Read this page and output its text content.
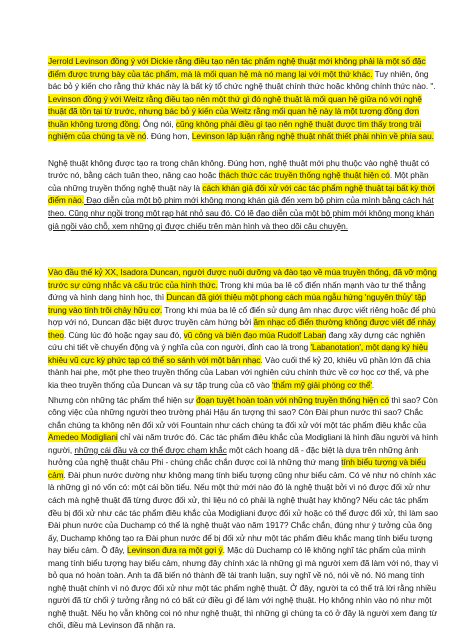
Jerrold Levinson đồng ý với Dickie rằng điều tạo nên tác phẩm nghệ thuật mới không phải là một số đặc điểm được trưng bày của tác phẩm, mà là mối quan hệ mà nó mang lại với một thứ khác. Tuy nhiên, ông bác bỏ ý kiến cho rằng thứ khác này là bất kỳ tổ chức nghệ thuật chính thức hoặc không chính thức nào. ". Levinson đồng ý với Weitz rằng điều tạo nên một thứ gì đó nghệ thuật là mối quan hệ giữa nó với nghệ thuật đã tồn tại từ trước, nhưng bác bỏ ý kiến của Weitz rằng mối quan hệ này là một tương đồng đơn thuần không tương đồng. Ông nói, cũng không phải điều gì tạo nên nghệ thuật được tìm thấy trong trải nghiệm của chúng ta về nó. Đúng hơn, Levinson lập luận rằng nghệ thuật nhất thiết phải nhìn về phía sau.

Nghệ thuật không được tạo ra trong chân không. Đúng hơn, nghệ thuật mới phụ thuộc vào nghệ thuật có trước nó, bằng cách tuân theo, nâng cao hoặc thách thức các truyền thống nghệ thuật hiện có. Một phần của những truyền thống nghệ thuật này là cách khán giả đối xử với các tác phẩm nghệ thuật tại bất kỳ thời điểm nào. Đạo diễn của một bộ phim mới không mong khán giả đến xem bộ phim của mình bằng cách hát theo. Cũng như ngồi trong một rạp hát nhỏ sau đó. Có lẽ đạo diễn của một bộ phim mới không mong khán giả ngồi vào chỗ, xem những gì được chiếu trên màn hình và theo dõi câu chuyện.

Vào đầu thế kỷ XX, Isadora Duncan, người được nuôi dưỡng và đào tạo về múa truyền thống, đã vỡ mộng trước sự cứng nhắc và cấu trúc của hình thức. Trong khi múa ba lê cổ điển nhấn mạnh vào tư thế thẳng đứng và hình dạng hình học, thì Duncan đã giới thiệu một phong cách múa ngẫu hứng 'nguyên thủy' tập trung vào tính trôi chảy hữu cơ. Trong khi múa ba lê cổ điển sử dụng âm nhạc được viết riêng hoặc để phù hợp với nó, Duncan đặc biệt được truyền cảm hứng bởi âm nhạc cổ điển thường không được viết để nhảy theo. Cùng lúc đó hoặc ngay sau đó, vũ công và biên đạo múa Rudolf Laban đang xây dựng các nghiên cứu chi tiết về chuyển động và ý nghĩa của con người, đỉnh cao là trong 'Labanotation', một dạng ký hiệu khiêu vũ cực kỳ phức tạp có thể so sánh với một bản nhạc. Vào cuối thế kỷ 20, khiêu vũ phần lớn đã chia thành hai phe, một phe theo truyền thống của Laban với nghiên cứu chính thức về cơ học cơ thể, và phe kia theo truyền thống của Duncan và sự tập trung của cô vào 'thẩm mỹ giải phóng cơ thể'.

Nhưng còn những tác phẩm thể hiện sự đoạn tuyệt hoàn toàn với những truyền thống hiện có thì sao? Còn công việc của những người theo trường phái Hậu ấn tượng thì sao? Còn Đài phun nước thì sao? Chắc chắn chúng ta không nên đối xử với Fountain như cách chúng ta đối xử với một tác phẩm điêu khắc của Amedeo Modigliani chỉ vài năm trước đó. Các tác phẩm điêu khắc của Modigliani là hình đầu người và hình người, những cái đầu và cơ thể được chạm khắc một cách hoang dã - đặc biệt là dựa trên những ảnh hưởng của nghệ thuật châu Phi - chúng chắc chắn được coi là những thứ mang tính biểu tượng và biểu cảm. Đài phun nước dường như không mang tính biểu tượng cũng như biểu cảm. Có vẻ như nó chính xác là những gì nó vốn có: một cái bồn tiểu. Nếu một thứ mới nào đó là nghệ thuật bởi vì nó được đối xử như cách mà nghệ thuật đã từng được đối xử, thì liệu nó có phải là nghệ thuật hay không? Nếu các tác phẩm đều bị đối xử như các tác phẩm điêu khắc của Modigliani được đối xử hoặc có thể được đối xử, thì làm sao Đài phun nước của Duchamp có thể là nghệ thuật vào năm 1917? Chắc chắn, đúng như ý tưởng của ông ấy, Duchamp không tạo ra Đài phun nước để bị đối xử như một tác phẩm điêu khắc mang tính biểu tượng hay biểu cảm. Ồ đây, Levinson đưa ra một gợi ý. Mặc dù Duchamp có lẽ không nghĩ tác phẩm của mình mang tính biểu tượng hay biểu cảm, nhưng đây chính xác là những gì mà người xem đã làm với nó, thay vì bỏ qua nó hoàn toàn. Anh ta đã biến nó thành đề tài tranh luận, suy nghĩ về nó, nói về nó. Nó mang tính nghệ thuật chính vì nó được đối xử như một tác phẩm nghệ thuật. Ở đây, người ta có thể trả lời rằng nhiều người đã từ chối ý tưởng rằng nó có bất cứ điều gì để làm với nghệ thuật. Họ không nhìn vào nó như một nghệ thuật. Nếu họ vẫn không coi nó như nghệ thuật, thì những gì chúng ta có ở đây là người xem đang từ chối, điều mà Levinson đã nhận ra.
